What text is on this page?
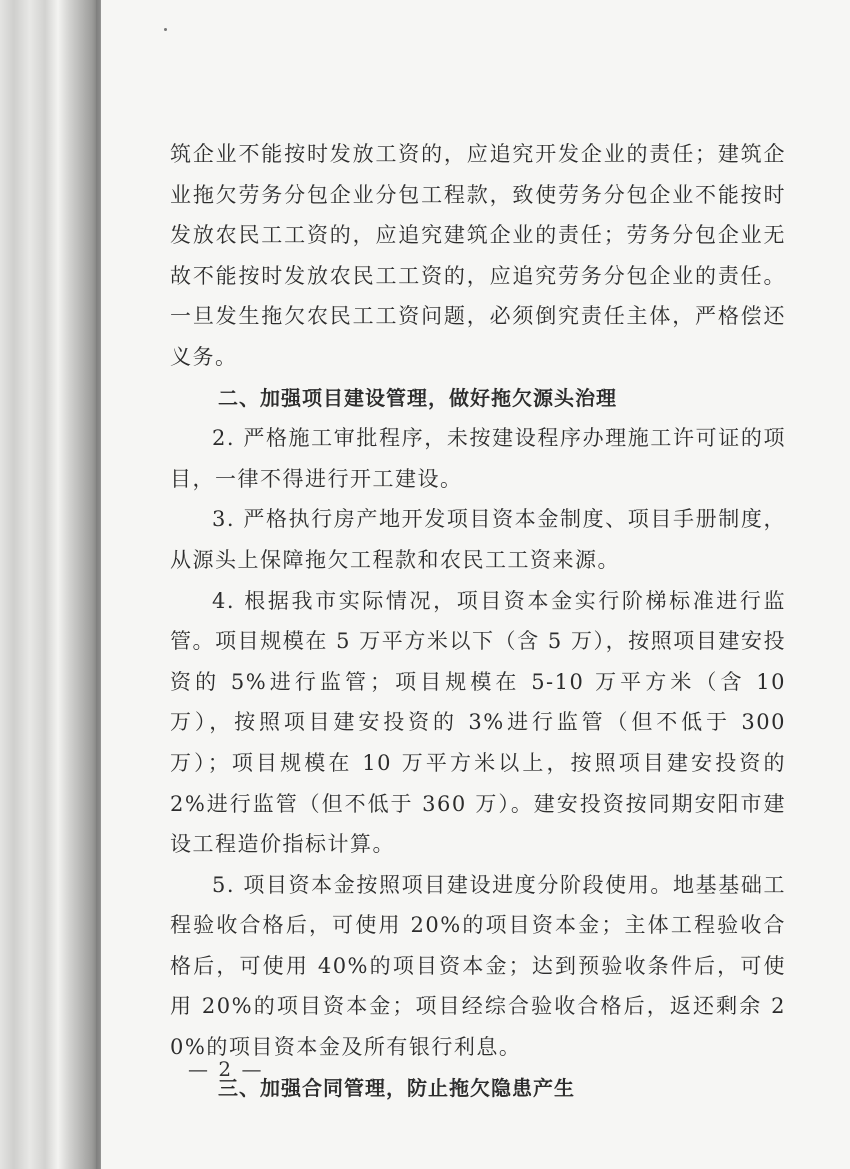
筑企业不能按时发放工资的，应追究开发企业的责任；建筑企业拖欠劳务分包企业分包工程款，致使劳务分包企业不能按时发放农民工工资的，应追究建筑企业的责任；劳务分包企业无故不能按时发放农民工工资的，应追究劳务分包企业的责任。一旦发生拖欠农民工工资问题，必须倒究责任主体，严格偿还义务。

二、加强项目建设管理，做好拖欠源头治理

2. 严格施工审批程序，未按建设程序办理施工许可证的项目，一律不得进行开工建设。

3. 严格执行房产地开发项目资本金制度、项目手册制度，从源头上保障拖欠工程款和农民工工资来源。

4. 根据我市实际情况，项目资本金实行阶梯标准进行监管。项目规模在 5 万平方米以下（含 5 万），按照项目建安投资的 5%进行监管；项目规模在 5-10 万平方米（含 10 万），按照项目建安投资的 3%进行监管（但不低于 300 万）；项目规模在 10 万平方米以上，按照项目建安投资的 2%进行监管（但不低于 360 万）。建安投资按同期安阳市建设工程造价指标计算。

5. 项目资本金按照项目建设进度分阶段使用。地基基础工程验收合格后，可使用 20%的项目资本金；主体工程验收合格后，可使用 40%的项目资本金；达到预验收条件后，可使用 20%的项目资本金；项目经综合验收合格后，返还剩余 20%的项目资本金及所有银行利息。

三、加强合同管理，防止拖欠隐患产生

— 2 —
